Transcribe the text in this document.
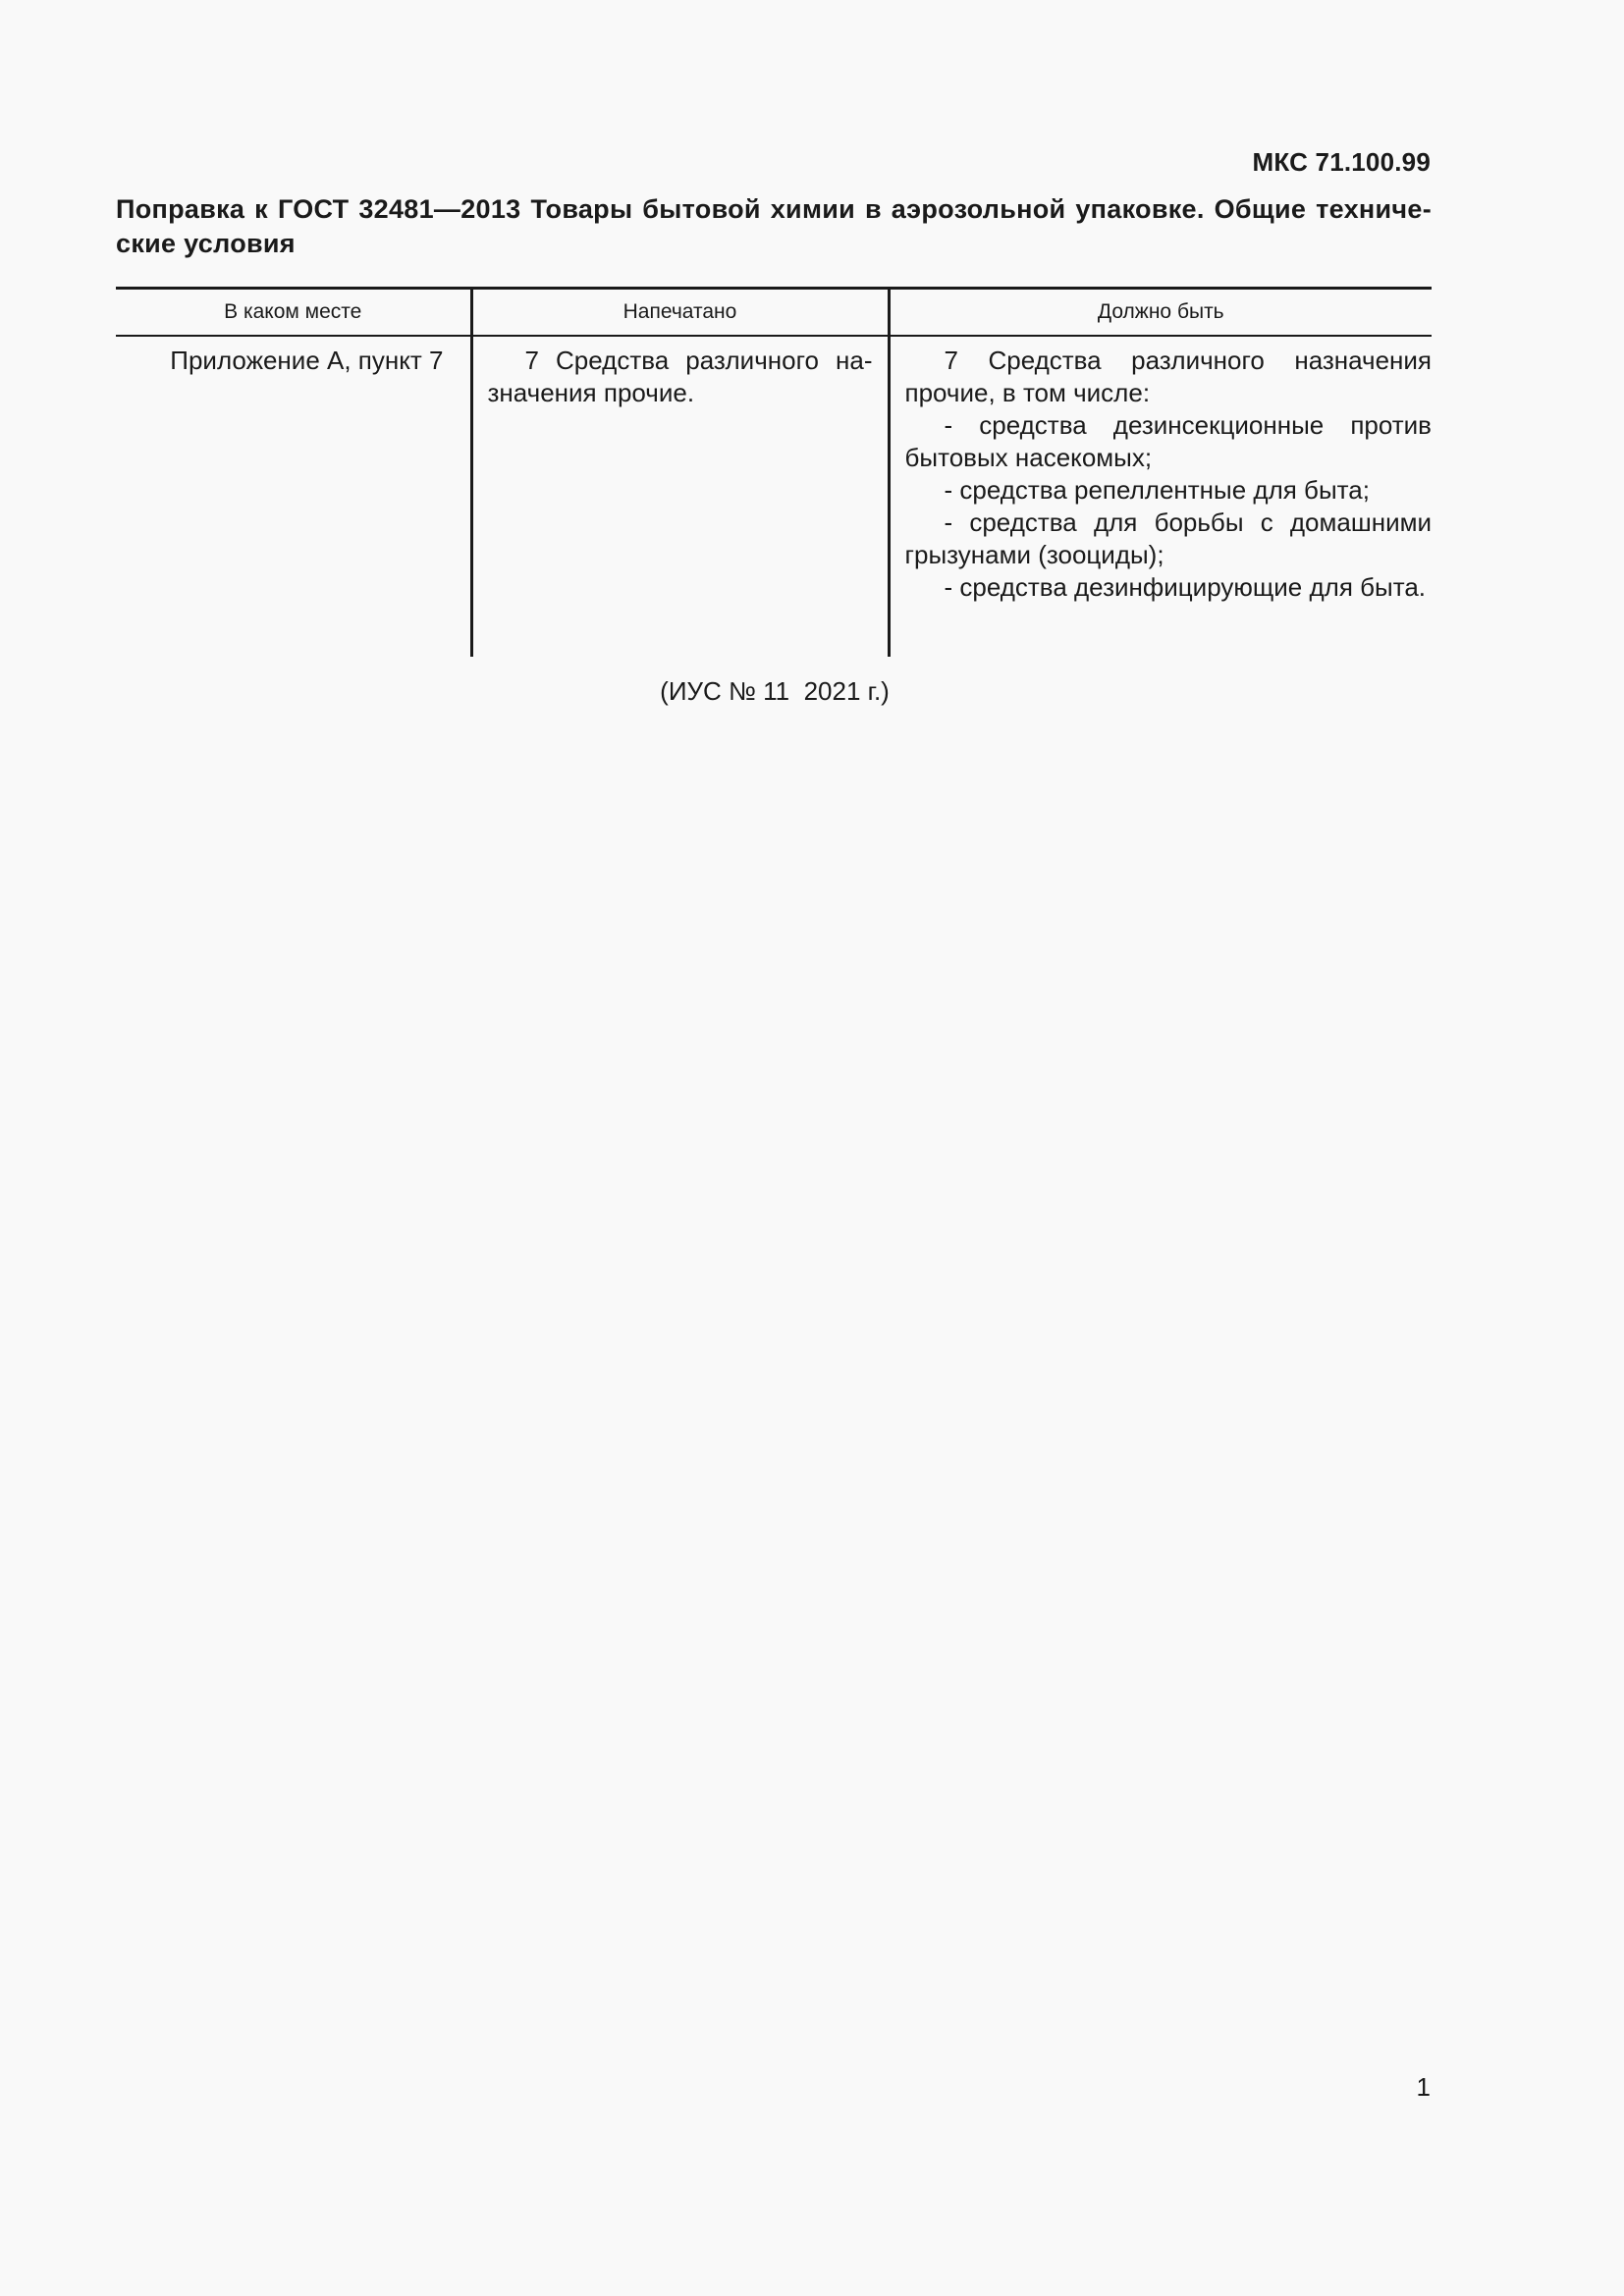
МКС 71.100.99
Поправка к ГОСТ 32481—2013 Товары бытовой химии в аэрозольной упаковке. Общие техниче-
ские условия
В каком месте	Напечатано	Должно быть
Приложение А, пункт 7	7 Средства различного назначения прочие.	7 Средства различного назначения прочие, в том числе:

- средства дезинсекционные против бытовых насекомых;

- средства репеллентные для быта;

- средства для борьбы с домашними грызунами (зооциды);

- средства дезинфицирующие для быта.

(ИУС № 11  2021 г.)
1
